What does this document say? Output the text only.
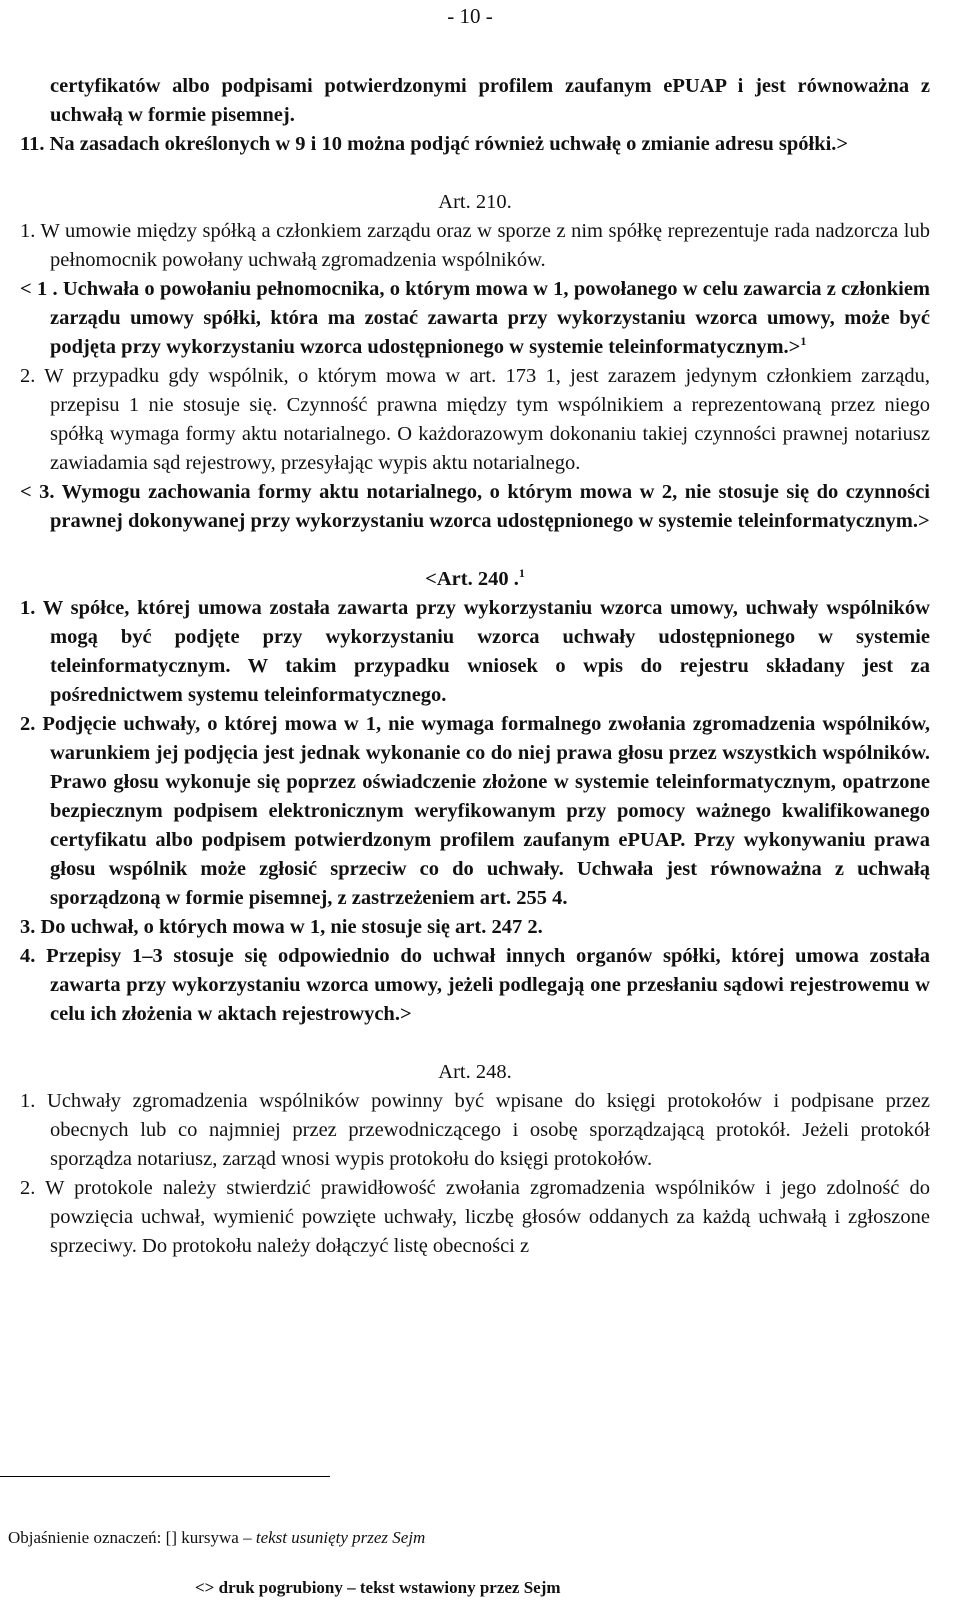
- 10 -

certyfikatów albo podpisami potwierdzonymi profilem zaufanym ePUAP i jest równoważna z uchwałą w formie pisemnej.

11. Na zasadach określonych w 9 i 10 można podjąć również uchwałę o zmianie adresu spółki.>

Art. 210.

1. W umowie między spółką a członkiem zarządu oraz w sporze z nim spółkę reprezentuje rada nadzorcza lub pełnomocnik powołany uchwałą zgromadzenia wspólników.

< 1 . Uchwała o powołaniu pełnomocnika, o którym mowa w 1, powołanego w celu zawarcia z członkiem zarządu umowy spółki, która ma zostać zawarta przy wykorzystaniu wzorca umowy, może być podjęta przy wykorzystaniu wzorca udostępnionego w systemie teleinformatycznym.>$^1$

2. W przypadku gdy wspólnik, o którym mowa w art. 173 1, jest zarazem jedynym członkiem zarządu, przepisu 1 nie stosuje się. Czynność prawna między tym wspólnikiem a reprezentowaną przez niego spółką wymaga formy aktu notarialnego. O każdorazowym dokonaniu takiej czynności prawnej notariusz zawiadamia sąd rejestrowy, przesyłając wypis aktu notarialnego.

< 3. Wymogu zachowania formy aktu notarialnego, o którym mowa w 2, nie stosuje się do czynności prawnej dokonywanej przy wykorzystaniu wzorca udostępnionego w systemie teleinformatycznym.>

<Art. 240 .$^1$

1. W spółce, której umowa została zawarta przy wykorzystaniu wzorca umowy, uchwały wspólników mogą być podjęte przy wykorzystaniu wzorca uchwały udostępnionego w systemie teleinformatycznym. W takim przypadku wniosek o wpis do rejestru składany jest za pośrednictwem systemu teleinformatycznego.

2. Podjęcie uchwały, o której mowa w 1, nie wymaga formalnego zwołania zgromadzenia wspólników, warunkiem jej podjęcia jest jednak wykonanie co do niej prawa głosu przez wszystkich wspólników. Prawo głosu wykonuje się poprzez oświadczenie złożone w systemie teleinformatycznym, opatrzone bezpiecznym podpisem elektronicznym weryfikowanym przy pomocy ważnego kwalifikowanego certyfikatu albo podpisem potwierdzonym profilem zaufanym ePUAP. Przy wykonywaniu prawa głosu wspólnik może zgłosić sprzeciw co do uchwały. Uchwała jest równoważna z uchwałą sporządzoną w formie pisemnej, z zastrzeżeniem art. 255 4.

3. Do uchwał, o których mowa w 1, nie stosuje się art. 247 2.

4. Przepisy 1–3 stosuje się odpowiednio do uchwał innych organów spółki, której umowa została zawarta przy wykorzystaniu wzorca umowy, jeżeli podlegają one przesłaniu sądowi rejestrowemu w celu ich złożenia w aktach rejestrowych.>

Art. 248.

1. Uchwały zgromadzenia wspólników powinny być wpisane do księgi protokołów i podpisane przez obecnych lub co najmniej przez przewodniczącego i osobę sporządzającą protokół. Jeżeli protokół sporządza notariusz, zarząd wnosi wypis protokołu do księgi protokołów.

2. W protokole należy stwierdzić prawidłowość zwołania zgromadzenia wspólników i jego zdolność do powzięcia uchwał, wymienić powzięte uchwały, liczbę głosów oddanych za każdą uchwałą i zgłoszone sprzeciwy. Do protokołu należy dołączyć listę obecności z

Objaśnienie oznaczeń: [] kursywa – tekst usunięty przez Sejm
<> druk pogrubiony – tekst wstawiony przez Sejm
